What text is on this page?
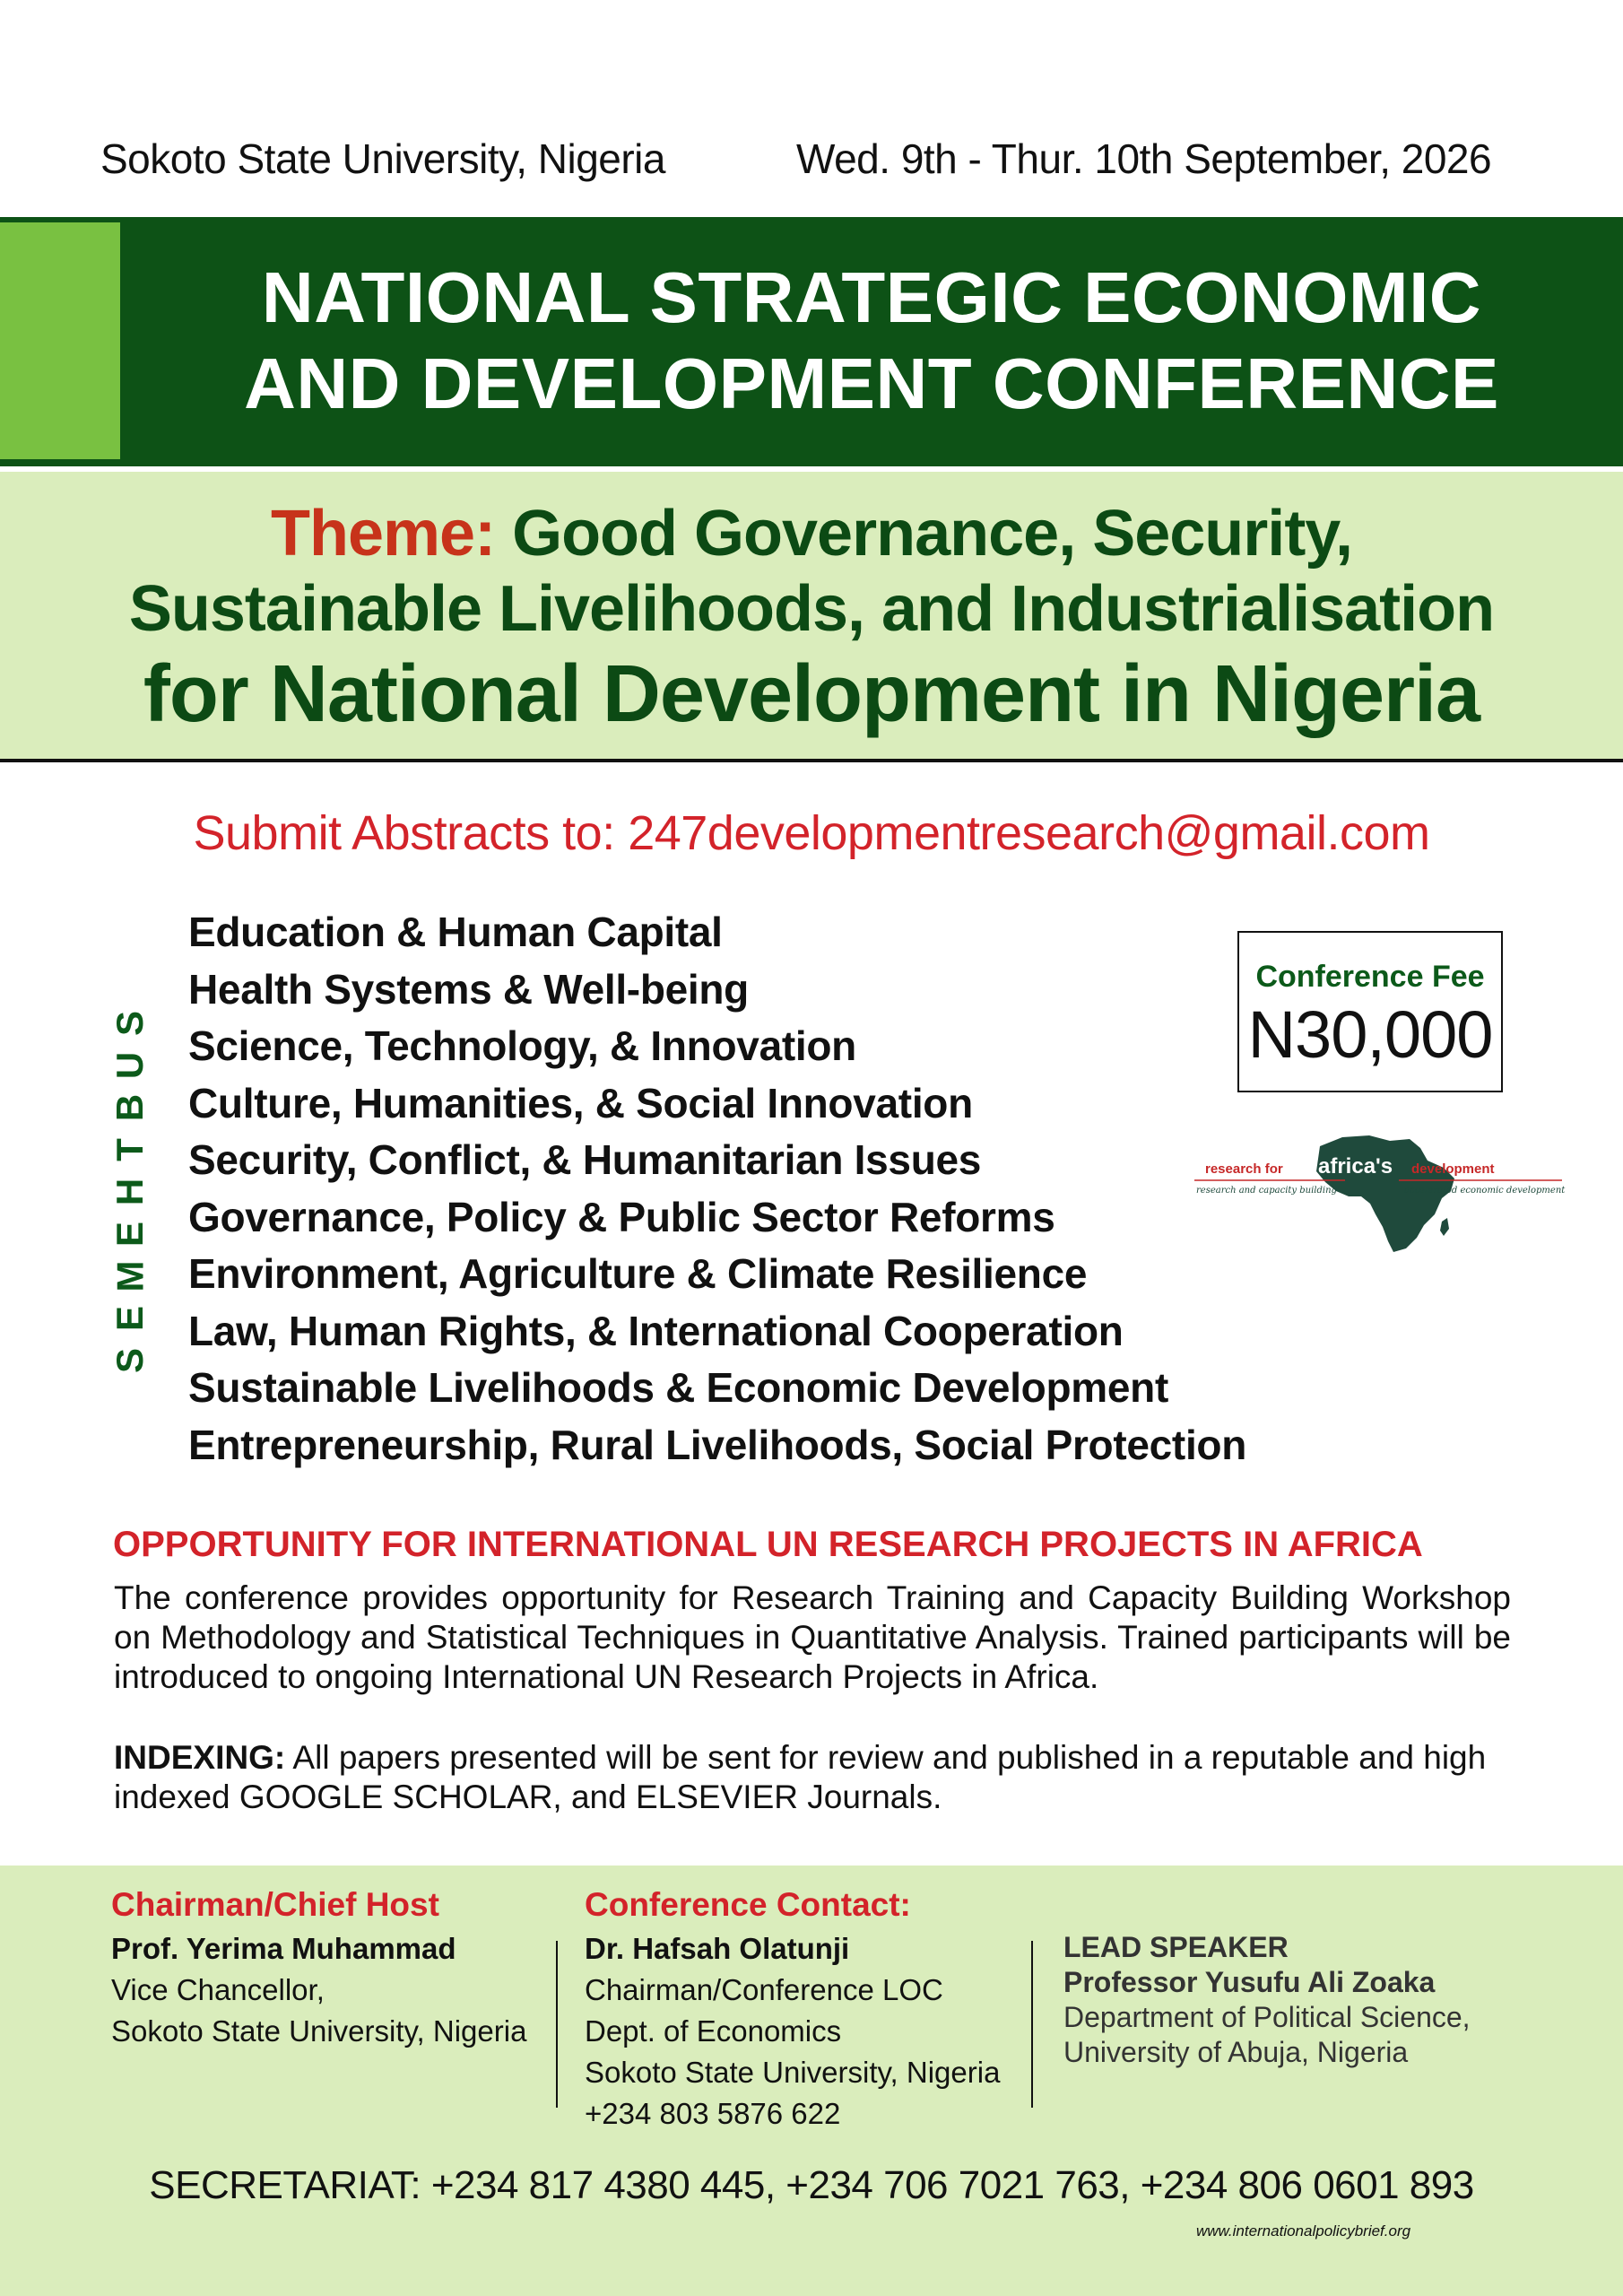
Sokoto State University, Nigeria	Wed. 9th - Thur. 10th September, 2026
NATIONAL STRATEGIC ECONOMIC
AND DEVELOPMENT CONFERENCE
Theme: Good Governance, Security,
Sustainable Livelihoods, and Industrialisation
for National Development in Nigeria
Submit Abstracts to: 247developmentresearch@gmail.com
S
U
B
T
H
E
M
E
S
Education & Human Capital
Health Systems & Well-being
Science, Technology, & Innovation
Culture, Humanities, & Social Innovation
Security, Conflict, & Humanitarian Issues
Governance, Policy & Public Sector Reforms
Environment, Agriculture & Climate Resilience
Law, Human Rights, & International Cooperation
Sustainable Livelihoods & Economic Development
Entrepreneurship, Rural Livelihoods, Social Protection
Conference Fee
N30,000
research for africa's development
research and capacity building	accelerated economic development
OPPORTUNITY FOR INTERNATIONAL UN RESEARCH PROJECTS IN AFRICA

The conference provides opportunity for Research Training and Capacity Building Workshop on Methodology and Statistical Techniques in Quantitative Analysis. Trained participants will be introduced to ongoing International UN Research Projects in Africa.

INDEXING: All papers presented will be sent for review and published in a reputable and high indexed GOOGLE SCHOLAR, and ELSEVIER Journals.

Chairman/Chief Host
Prof. Yerima Muhammad
Vice Chancellor,
Sokoto State University, Nigeria
Conference Contact:
Dr. Hafsah Olatunji
Chairman/Conference LOC
Dept. of Economics
Sokoto State University, Nigeria
+234 803 5876 622
LEAD SPEAKER
Professor Yusufu Ali Zoaka
Department of Political Science,
University of Abuja, Nigeria
SECRETARIAT: +234 817 4380 445, +234 706 7021 763, +234 806 0601 893
www.internationalpolicybrief.org
